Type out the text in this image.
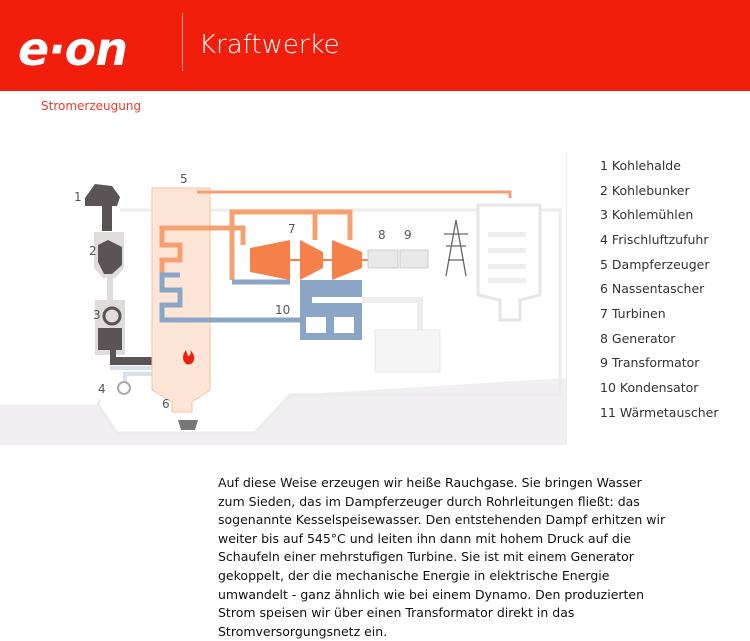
e·on	Kraftwerke
Stromerzeugung
1
2
3
4
5
6
7	8 9
10
1 Kohlehalde
2 Kohlebunker
3 Kohlemühlen
4 Frischluftzufuhr
5 Dampferzeuger
6 Nassentascher
7 Turbinen
8 Generator
9 Transformator
10 Kondensator
11 Wärmetauscher
Auf diese Weise erzeugen wir heiße Rauchgase. Sie bringen Wasser
zum Sieden, das im Dampferzeuger durch Rohrleitungen fließt: das
sogenannte Kesselspeisewasser. Den entstehenden Dampf erhitzen wir
weiter bis auf 545°C und leiten ihn dann mit hohem Druck auf die
Schaufeln einer mehrstufigen Turbine. Sie ist mit einem Generator
gekoppelt, der die mechanische Energie in elektrische Energie
umwandelt - ganz ähnlich wie bei einem Dynamo. Den produzierten
Strom speisen wir über einen Transformator direkt in das
Stromversorgungsnetz ein.
